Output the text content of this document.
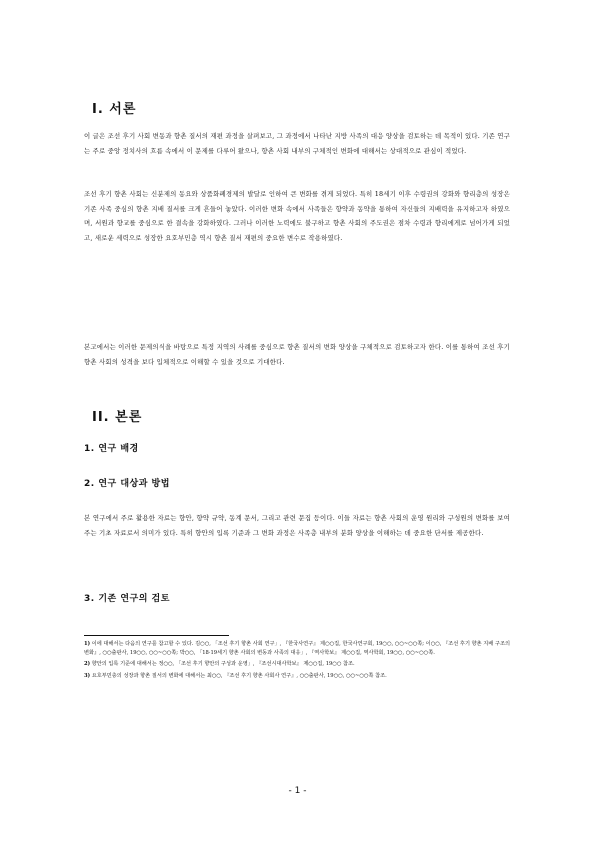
I. 서론
이 글은 조선 후기 사회 변동과 향촌 질서의 재편 과정을 살펴보고, 그 과정에서 나타난 지방 사족의 대응 양상을 검토하는 데 목적이 있다. 기존 연구는 주로 중앙 정치사의 흐름 속에서 이 문제를 다루어 왔으나, 향촌 사회 내부의 구체적인 변화에 대해서는 상대적으로 관심이 적었다.
조선 후기 향촌 사회는 신분제의 동요와 상품화폐경제의 발달로 인하여 큰 변화를 겪게 되었다. 특히 18세기 이후 수령권의 강화와 향리층의 성장은 기존 사족 중심의 향촌 지배 질서를 크게 흔들어 놓았다. 이러한 변화 속에서 사족들은 향약과 동약을 통하여 자신들의 지배력을 유지하고자 하였으며, 서원과 향교를 중심으로 한 결속을 강화하였다. 그러나 이러한 노력에도 불구하고 향촌 사회의 주도권은 점차 수령과 향리에게로 넘어가게 되었고, 새로운 세력으로 성장한 요호부민층 역시 향촌 질서 재편의 중요한 변수로 작용하였다.
본고에서는 이러한 문제의식을 바탕으로 특정 지역의 사례를 중심으로 향촌 질서의 변화 양상을 구체적으로 검토하고자 한다. 이를 통하여 조선 후기 향촌 사회의 성격을 보다 입체적으로 이해할 수 있을 것으로 기대한다.
II. 본론
1. 연구 배경
2. 연구 대상과 방법
본 연구에서 주로 활용한 자료는 향안, 향약 규약, 동계 문서, 그리고 관련 문집 등이다. 이들 자료는 향촌 사회의 운영 원리와 구성원의 변화를 보여주는 기초 자료로서 의미가 있다. 특히 향안의 입록 기준과 그 변화 과정은 사족층 내부의 분화 양상을 이해하는 데 중요한 단서를 제공한다.
3. 기존 연구의 검토
1) 이에 대해서는 다음의 연구를 참고할 수 있다. 김○○, 「조선 후기 향촌 사회 연구」, 『한국사연구』 제○○집, 한국사연구회, 19○○, ○○~○○쪽; 이○○, 『조선 후기 향촌 지배 구조의 변화』, ○○출판사, 19○○, ○○~○○쪽; 박○○, 「18·19세기 향촌 사회의 변동과 사족의 대응」, 『역사학보』 제○○집, 역사학회, 19○○, ○○~○○쪽.
2) 향안의 입록 기준에 대해서는 정○○, 「조선 후기 향안의 구성과 운영」, 『조선시대사학보』 제○○집, 19○○ 참조.
3) 요호부민층의 성장과 향촌 질서의 변화에 대해서는 최○○, 『조선 후기 향촌 사회사 연구』, ○○출판사, 19○○, ○○~○○쪽 참조.
- 1 -
